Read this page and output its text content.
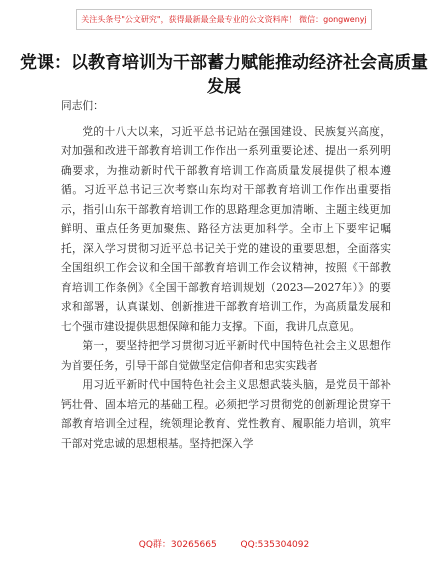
关注头条号"公文研究"，获得最新最全最专业的公文资料库！ 微信：gongwenyj
党课：以教育培训为干部蓄力赋能推动经济社会高质量发展

同志们：

党的十八大以来，习近平总书记站在强国建设、民族复兴高度，对加强和改进干部教育培训工作作出一系列重要论述、提出一系列明确要求，为推动新时代干部教育培训工作高质量发展提供了根本遵循。习近平总书记三次考察山东均对干部教育培训工作作出重要指示，指引山东干部教育培训工作的思路理念更加清晰、主题主线更加鲜明、重点任务更加聚焦、路径方法更加科学。全市上下要牢记嘱托，深入学习贯彻习近平总书记关于党的建设的重要思想，全面落实全国组织工作会议和全国干部教育培训工作会议精神，按照《干部教育培训工作条例》《全国干部教育培训规划（2023—2027年）》的要求和部署，认真谋划、创新推进干部教育培训工作，为高质量发展和七个强市建设提供思想保障和能力支撑。下面，我讲几点意见。

第一，要坚持把学习贯彻习近平新时代中国特色社会主义思想作为首要任务，引导干部自觉做坚定信仰者和忠实实践者

用习近平新时代中国特色社会主义思想武装头脑，是党员干部补钙壮骨、固本培元的基础工程。必须把学习贯彻党的创新理论贯穿干部教育培训全过程，统领理论教育、党性教育、履职能力培训，筑牢干部对党忠诚的思想根基。坚持把深入学

QQ群：30265665	QQ:535304092
